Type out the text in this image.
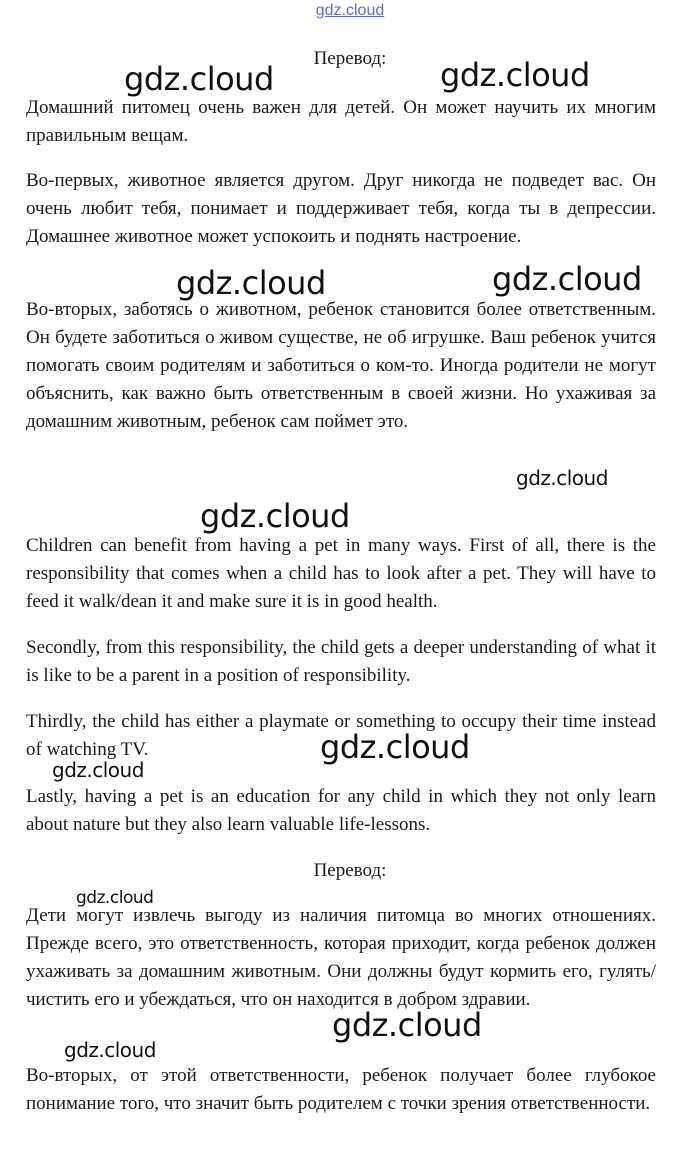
gdz.cloud
Перевод:

Домашний питомец очень важен для детей. Он может научить их многим правильным вещам.

Во-первых, животное является другом. Друг никогда не подведет вас. Он очень любит тебя, понимает и поддерживает тебя, когда ты в депрессии. Домашнее животное может успокоить и поднять настроение.

Во-вторых, заботясь о животном, ребенок становится более ответственным. Он будете заботиться о живом существе, не об игрушке. Ваш ребенок учится помогать своим родителям и заботиться о ком-то. Иногда родители не могут объяснить, как важно быть ответственным в своей жизни. Но ухаживая за домашним животным, ребенок сам поймет это.

Children can benefit from having a pet in many ways. First of all, there is the responsibility that comes when a child has to look after a pet. They will have to feed it walk/dean it and make sure it is in good health.

Secondly, from this responsibility, the child gets a deeper understanding of what it is like to be a parent in a position of responsibility.

Thirdly, the child has either a playmate or something to occupy their time instead of watching TV.

Lastly, having a pet is an education for any child in which they not only learn about nature but they also learn valuable life-lessons.

Перевод:

Дети могут извлечь выгоду из наличия питомца во многих отношениях. Прежде всего, это ответственность, которая приходит, когда ребенок должен ухаживать за домашним животным. Они должны будут кормить его, гулять/чистить его и убеждаться, что он находится в добром здравии.

Во-вторых, от этой ответственности, ребенок получает более глубокое понимание того, что значит быть родителем с точки зрения ответственности.

gdz.cloud	gdz.cloud
gdz.cloud	gdz.cloud
gdz.cloud
gdz.cloud
gdz.cloud
gdz.cloud
gdz.cloud
gdz.cloud
gdz.cloud
